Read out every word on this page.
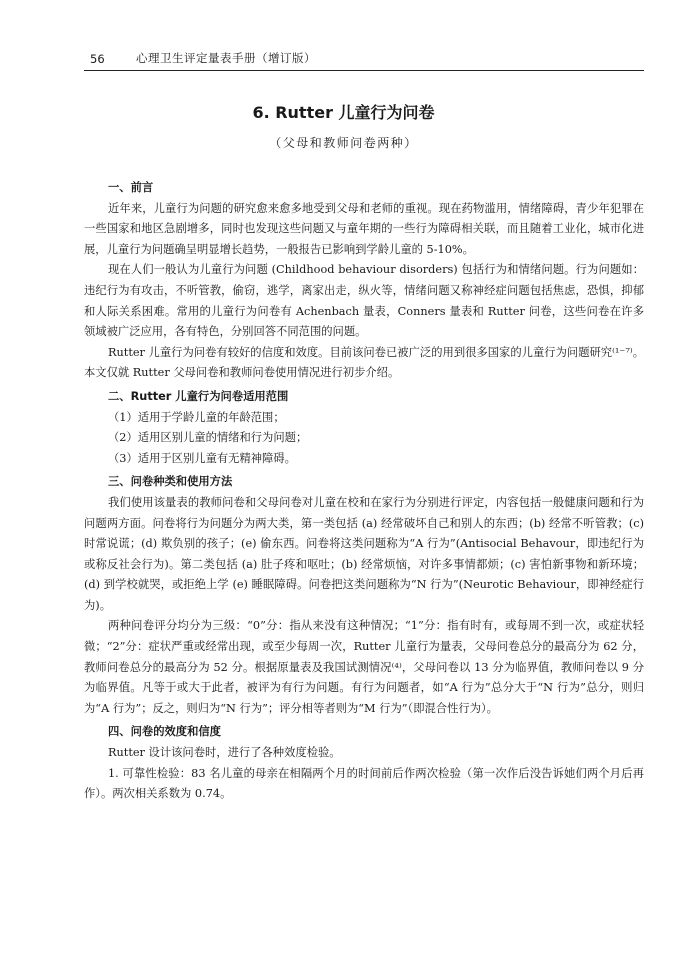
56	心理卫生评定量表手册（增订版）
6. Rutter 儿童行为问卷
（父母和教师问卷两种）

一、前言

近年来，儿童行为问题的研究愈来愈多地受到父母和老师的重视。现在药物滥用，情绪障碍，青少年犯罪在一些国家和地区急剧增多，同时也发现这些问题又与童年期的一些行为障碍相关联，而且随着工业化，城市化进展，儿童行为问题确呈明显增长趋势，一般报告已影响到学龄儿童的 5-10%。

现在人们一般认为儿童行为问题 (Childhood behaviour disorders) 包括行为和情绪问题。行为问题如：违纪行为有攻击，不听管教，偷窃，逃学，离家出走，纵火等，情绪问题又称神经症问题包括焦虑，恐惧，抑郁和人际关系困难。常用的儿童行为问卷有 Achenbach 量表，Conners 量表和 Rutter 问卷，这些问卷在许多领域被广泛应用，各有特色，分别回答不同范围的问题。

Rutter 儿童行为问卷有较好的信度和效度。目前该问卷已被广泛的用到很多国家的儿童行为问题研究⁽¹⁻⁷⁾。本文仅就 Rutter 父母问卷和教师问卷使用情况进行初步介绍。

二、Rutter 儿童行为问卷适用范围

（1）适用于学龄儿童的年龄范围；

（2）适用区别儿童的情绪和行为问题；

（3）适用于区别儿童有无精神障碍。

三、问卷种类和使用方法

我们使用该量表的教师问卷和父母问卷对儿童在校和在家行为分别进行评定，内容包括一般健康问题和行为问题两方面。问卷将行为问题分为两大类，第一类包括 (a) 经常破坏自己和别人的东西；(b) 经常不听管教；(c) 时常说谎；(d) 欺负别的孩子；(e) 偷东西。问卷将这类问题称为“A 行为”(Antisocial Behavour，即违纪行为或称反社会行为)。第二类包括 (a) 肚子疼和呕吐；(b) 经常烦恼，对许多事情都烦；(c) 害怕新事物和新环境；(d) 到学校就哭，或拒绝上学 (e) 睡眠障碍。问卷把这类问题称为“N 行为”(Neurotic Behaviour，即神经症行为)。

两种问卷评分均分为三级：“0”分：指从来没有这种情况；“1”分：指有时有，或每周不到一次，或症状轻微；“2”分：症状严重或经常出现，或至少每周一次，Rutter 儿童行为量表，父母问卷总分的最高分为 62 分，教师问卷总分的最高分为 52 分。根据原量表及我国试测情况⁽⁴⁾，父母问卷以 13 分为临界值，教师问卷以 9 分为临界值。凡等于或大于此者，被评为有行为问题。有行为问题者，如“A 行为”总分大于“N 行为”总分，则归为“A 行为”；反之，则归为“N 行为”；评分相等者则为“M 行为”（即混合性行为）。

四、问卷的效度和信度

Rutter 设计该问卷时，进行了各种效度检验。

1. 可靠性检验：83 名儿童的母亲在相隔两个月的时间前后作两次检验（第一次作后没告诉她们两个月后再作）。两次相关系数为 0.74。
